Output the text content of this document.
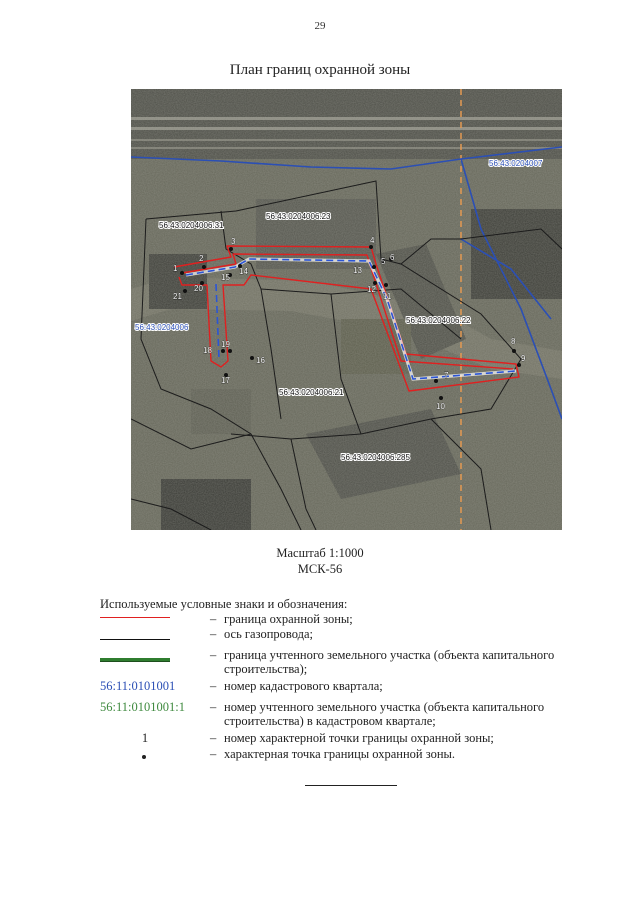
29
План границ охранной зоны
1
2
3	4
5 6
7
8
9
10
11
12
13
14
15
16
17
18
19
20
21
56:43:0204007
56:43:0204006
56:43:0204006:31
56:43:0204006:23
56:43:0204006:22
56:43:0204006:21
56:43:0204006:285
Масштаб 1:1000
МСК-56
Используемые условные знаки и обозначения:
– граница охранной зоны;
– ось газопровода;
– граница учтенного земельного участка (объекта капитального строительства);
56:11:0101001	– номер кадастрового квартала;
56:11:0101001:1	– номер учтенного земельного участка (объекта капитального строительства) в кадастровом квартале;
1	– номер характерной точки границы охранной зоны;
– характерная точка границы охранной зоны.
